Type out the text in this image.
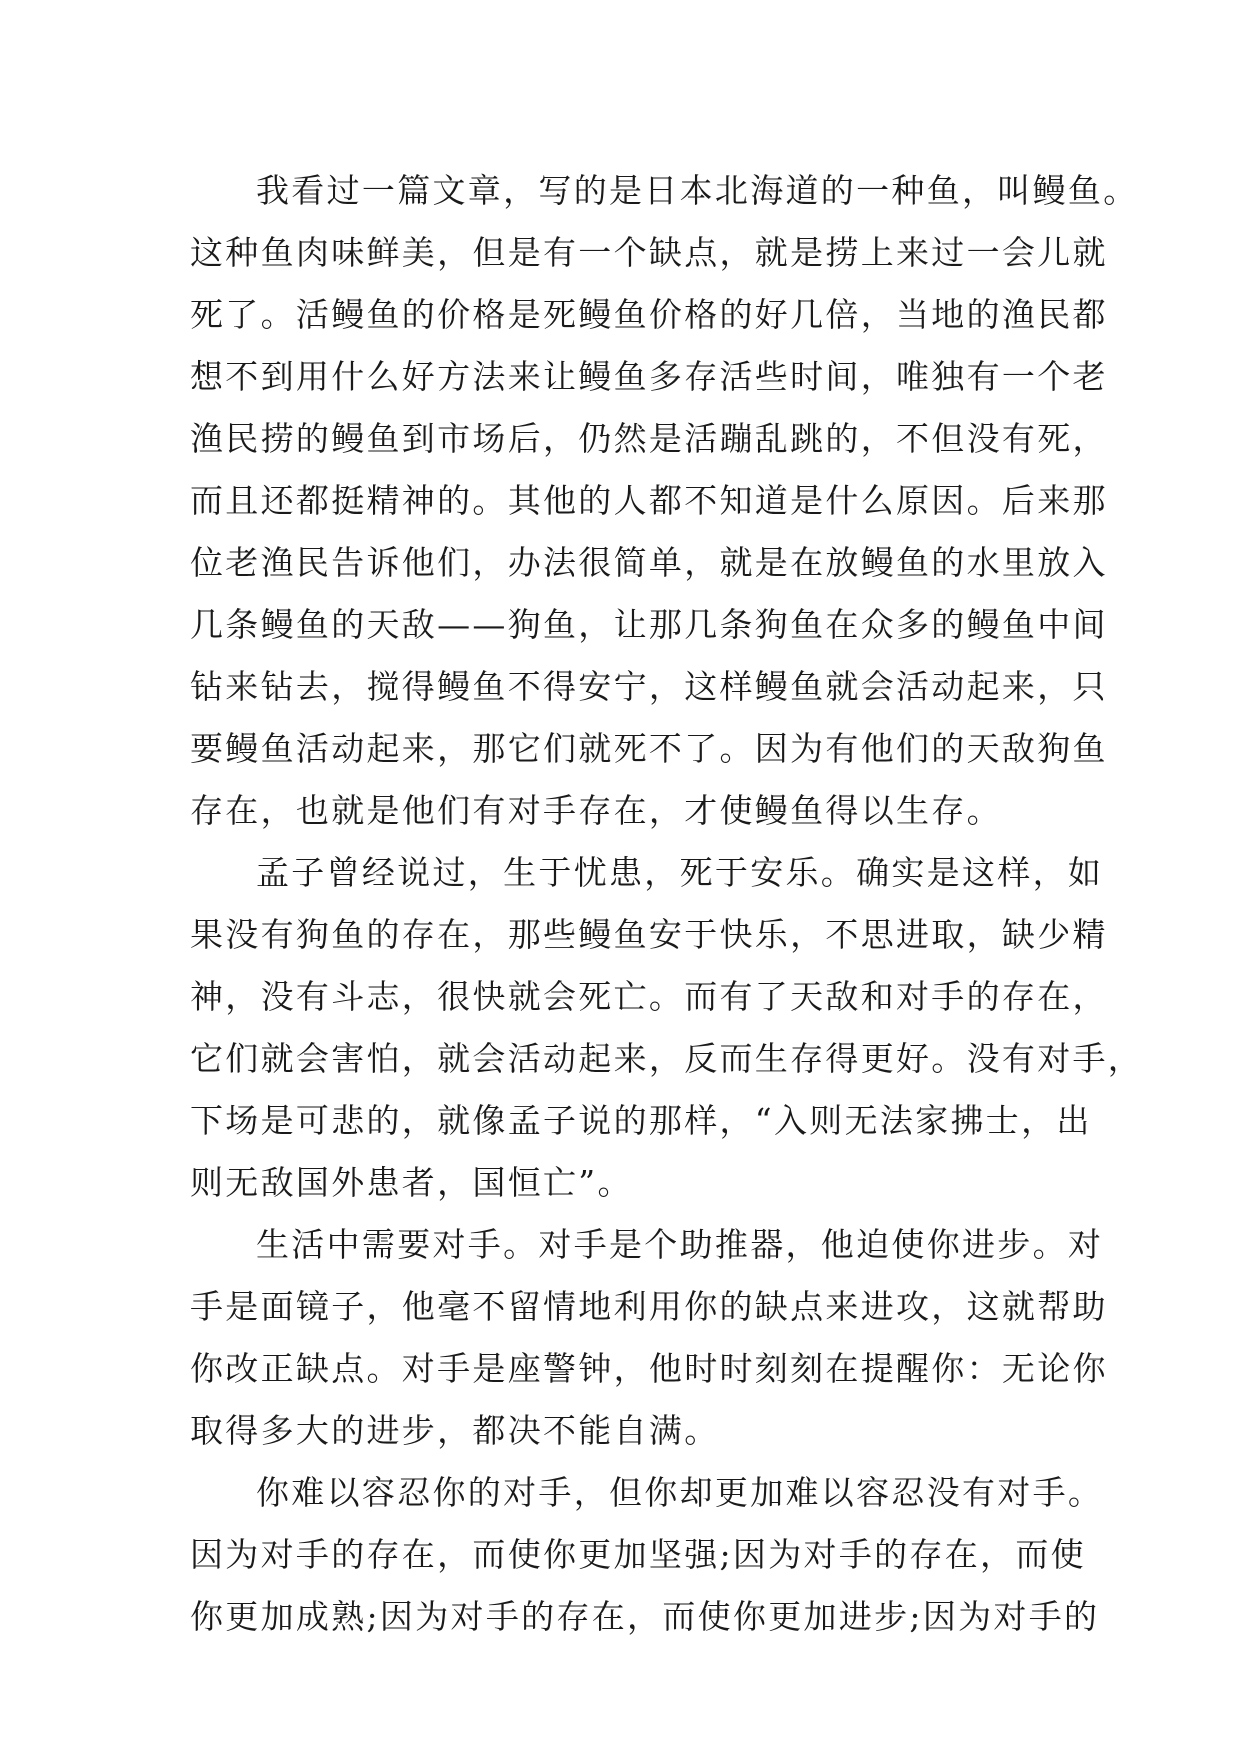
我看过一篇文章，写的是日本北海道的一种鱼，叫鳗鱼。
这种鱼肉味鲜美，但是有一个缺点，就是捞上来过一会儿就
死了。活鳗鱼的价格是死鳗鱼价格的好几倍，当地的渔民都
想不到用什么好方法来让鳗鱼多存活些时间，唯独有一个老
渔民捞的鳗鱼到市场后，仍然是活蹦乱跳的，不但没有死，
而且还都挺精神的。其他的人都不知道是什么原因。后来那
位老渔民告诉他们，办法很简单，就是在放鳗鱼的水里放入
几条鳗鱼的天敌——狗鱼，让那几条狗鱼在众多的鳗鱼中间
钻来钻去，搅得鳗鱼不得安宁，这样鳗鱼就会活动起来，只
要鳗鱼活动起来，那它们就死不了。因为有他们的天敌狗鱼
存在，也就是他们有对手存在，才使鳗鱼得以生存。
孟子曾经说过，生于忧患，死于安乐。确实是这样，如
果没有狗鱼的存在，那些鳗鱼安于快乐，不思进取，缺少精
神，没有斗志，很快就会死亡。而有了天敌和对手的存在，
它们就会害怕，就会活动起来，反而生存得更好。没有对手，
下场是可悲的，就像孟子说的那样，“入则无法家拂士，出
则无敌国外患者，国恒亡”。
生活中需要对手。对手是个助推器，他迫使你进步。对
手是面镜子，他毫不留情地利用你的缺点来进攻，这就帮助
你改正缺点。对手是座警钟，他时时刻刻在提醒你：无论你
取得多大的进步，都决不能自满。
你难以容忍你的对手，但你却更加难以容忍没有对手。
因为对手的存在，而使你更加坚强;因为对手的存在，而使
你更加成熟;因为对手的存在，而使你更加进步;因为对手的
